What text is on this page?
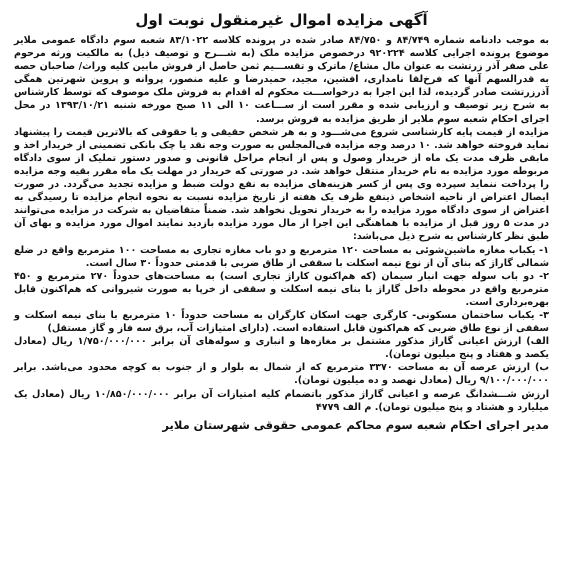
آگهی مزایده اموال غیرمنقول نوبت اول

به موجب دادنامه شماره ۸۴/۷۴۹ و ۸۴/۷۵۰ صادر شده در پرونده کلاسه ۸۳/۱۰۲۲ شعبه سوم دادگاه عمومی ملایر موضوع پرونده اجرایی کلاسه ۹۲۰۲۲۴ درخصوص مزایده ملک (به شـــرح و توصیف ذیل) به مالکیت ورثه مرحوم علی صفر آذر زرتشت به عنوان مال مشاع/ ماترک و تقســـیم ثمن حاصل از فروش مابین کلیه وراث/ صاحبان حصه به قدرالسهم آنها که فرخ‌لقا نامداری، افشین، مجید، حمیدرضا و علیه منصور، پروانه و پروین شهرتین همگی آذرزرتشت صادر گردیده، لذا این اجرا به درخواســـت محکوم له اقدام به فروش ملک موصوف که توسط کارشناس به شرح زیر توصیف و ارزیابی شده و مقرر است از ســـاعت ۱۰ الی ۱۱ صبح مورخه شنبه ۱۳۹۳/۱۰/۲۱ در محل اجرای احکام شعبه سوم ملایر از طریق مزایده به فروش برسد.

مزایده از قیمت پایه کارشناسی شروع می‌شـــود و به هر شخص حقیقی و یا حقوقی که بالاترین قیمت را پیشنهاد نماید فروخته خواهد شد. ۱۰ درصد وجه مزایده فی‌المجلس به صورت وجه نقد یا چک بانکی تضمینی از خریدار اخذ و مابقی ظرف مدت یک ماه از خریدار وصول و پس از انجام مراحل قانونی و صدور دستور تملیک از سوی دادگاه مربوطه مورد مزایده به نام خریدار منتقل خواهد شد. در صورتی که خریدار در مهلت یک ماه مقرر بقیه وجه مزایده را پرداخت ننماید سپرده وی پس از کسر هزینه‌های مزایده به نفع دولت ضبط و مزایده تجدید می‌گردد. در صورت ایصال اعتراض از ناحیه اشخاص ذینفع ظرف یک هفته از تاریخ مزایده نسبت به نحوه انجام مزایده تا رسیدگی به اعتراض از سوی دادگاه مورد مزایده را به خریدار تحویل نخواهد شد. ضمناً متقاضیان به شرکت در مزایده می‌توانند در مدت ۵ روز قبل از مزایده با هماهنگی این اجرا از مال مورد مزایده بازدید نمایند اموال مورد مزایده و بهای آن طبق نظر کارشناس به شرح ذیل می‌باشد:

۱- یکباب مغازه ماشین‌شوئی به مساحت ۱۲۰ مترمربع و دو باب مغازه تجاری به مساحت ۱۰۰ مترمربع واقع در ضلع شمالی گاراژ که بنای آن از نوع نیمه اسکلت با سقفی از طاق ضربی با قدمتی حدوداً ۳۰ سال است.

۲- دو باب سوله جهت انبار سیمان (که هم‌اکنون کاراژ تجاری است) به مساحت‌های حدوداً ۲۷۰ مترمربع و ۴۵۰ مترمربع واقع در محوطه داخل گاراژ با بنای نیمه اسکلت و سقفی از خرپا به صورت شیروانی که هم‌اکنون قابل بهره‌برداری است.

۳- یکباب ساختمان مسکونی- کارگری جهت اسکان کارگران به مساحت حدوداً ۱۰ مترمربع با بنای نیمه اسکلت و سقفی از نوع طاق ضربی که هم‌اکنون قابل استفاده است. (دارای امتیازات آب، برق سه فاز و گاز مستقل)

الف) ارزش اعیانی گاراژ مذکور مشتمل بر مغازه‌ها و انباری و سوله‌های آن برابر ۱/۷۵۰/۰۰۰/۰۰۰ ریال (معادل یکصد و هفتاد و پنج میلیون تومان).

ب) ارزش عرصه آن به مساحت ۳۳۷۰ مترمربع که از شمال به بلوار و از جنوب به کوچه محدود می‌باشد. برابر ۹/۱۰۰/۰۰۰/۰۰۰ ریال (معادل نهصد و ده میلیون تومان).

ارزش شـــشدانگ عرصه و اعیانی گاراژ مذکور باتضمام کلیه امتیازات آن برابر ۱۰/۸۵۰/۰۰۰/۰۰۰ ریال (معادل یک میلیارد و هشتاد و پنج میلیون تومان). م الف ۴۷۷۹

مدیر اجرای احکام شعبه سوم محاکم عمومی حقوقی شهرستان ملایر
